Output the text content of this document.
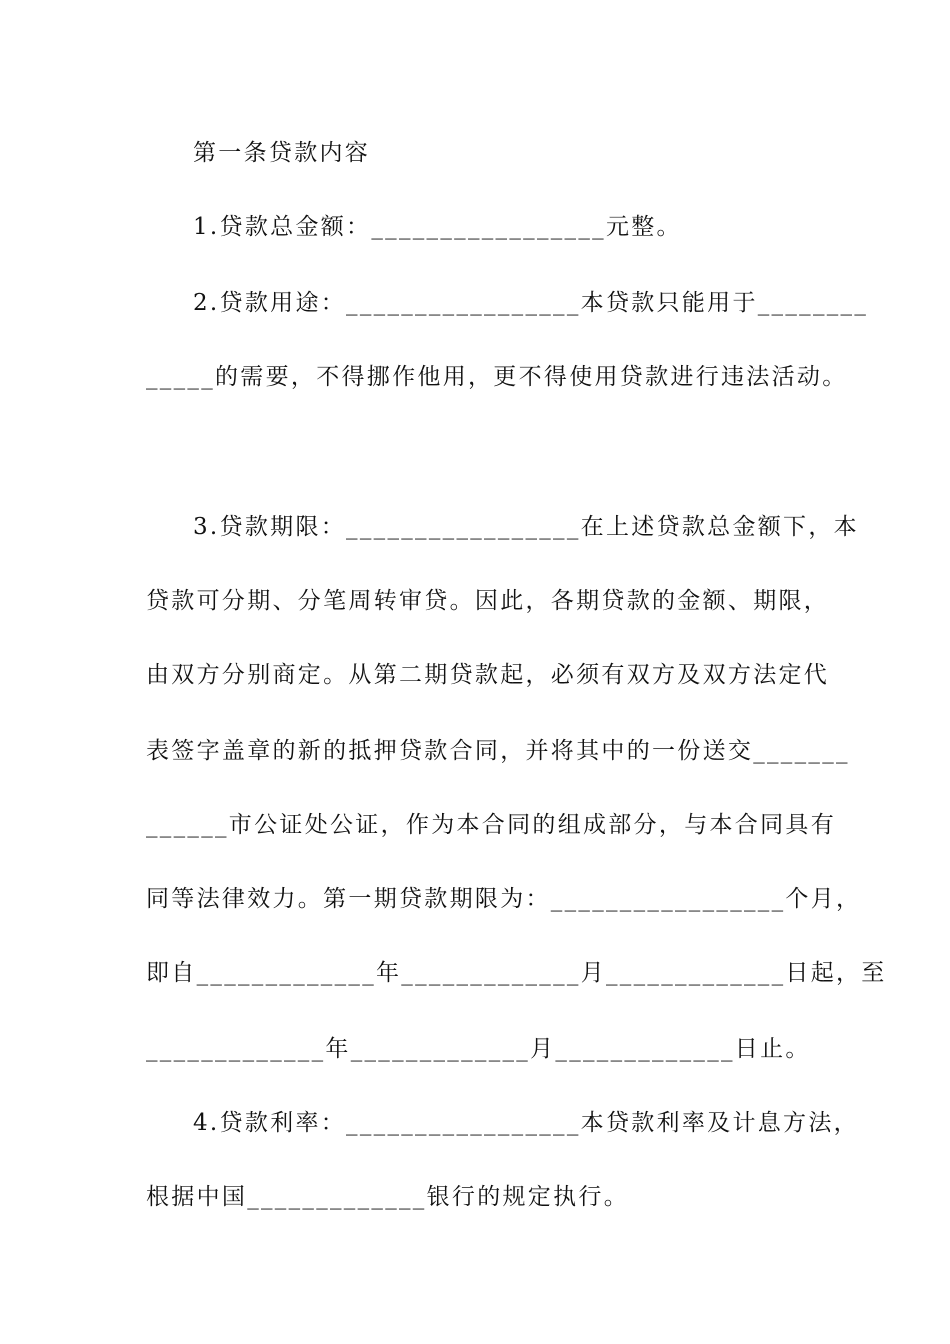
第一条贷款内容
1.贷款总金额：_________________元整。
2.贷款用途：_________________本贷款只能用于________
_____的需要，不得挪作他用，更不得使用贷款进行违法活动。
3.贷款期限：_________________在上述贷款总金额下，本
贷款可分期、分笔周转审贷。因此，各期贷款的金额、期限，
由双方分别商定。从第二期贷款起，必须有双方及双方法定代
表签字盖章的新的抵押贷款合同，并将其中的一份送交_______
______市公证处公证，作为本合同的组成部分，与本合同具有
同等法律效力。第一期贷款期限为：_________________个月，
即自_____________年_____________月_____________日起，至
_____________年_____________月_____________日止。
4.贷款利率：_________________本贷款利率及计息方法，
根据中国_____________银行的规定执行。
